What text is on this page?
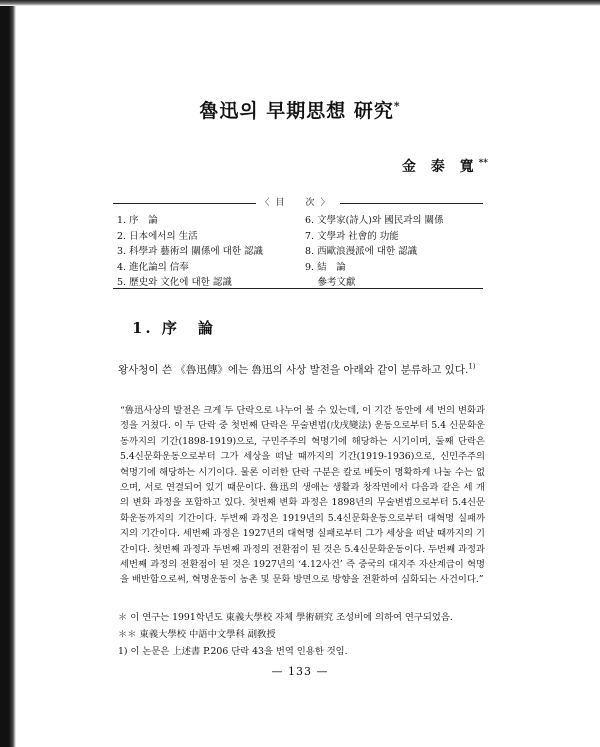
魯迅의 早期思想 研究*
金 泰 寬**
〈目　次〉
1. 序　論
2. 日本에서의 生活
3. 科學과 藝術의 關係에 대한 認識
4. 進化論의 信奉
5. 歷史와 文化에 대한 認識
6. 文學家(詩人)와 國民과의 關係
7. 文學과 社會的 功能
8. 西歐浪漫派에 대한 認識
9. 結　論
　 參考文獻
1. 序　論
왕사청이 쓴 《魯迅傳》에는 魯迅의 사상 발전을 아래와 같이 분류하고 있다.$^{1)}$
“魯迅사상의 발전은 크게 두 단락으로 나누어 볼 수 있는데, 이 기간 동안에 세 번의 변화과정을 거쳤다. 이 두 단락 중 첫번째 단락은 무술변법(戊戌變法) 운동으로부터 5.4 신문화운동까지의 기간(1898-1919)으로, 구민주주의 혁명기에 해당하는 시기이며, 둘째 단락은 5.4신문화운동으로부터 그가 세상을 떠날 때까지의 기간(1919-1936)으로, 신민주주의 혁명기에 해당하는 시기이다. 물론 이러한 단락 구분은 칼로 베듯이 명확하게 나눌 수는 없으며, 서로 연결되어 있기 때문이다. 魯迅의 생애는 생활과 창작면에서 다음과 같은 세 개의 변화 과정을 포함하고 있다. 첫번째 변화 과정은 1898년의 무술변법으로부터 5.4신문화운동까지의 기간이다. 두번째 과정은 1919년의 5.4신문화운동으로부터 대혁명 실패까지의 기간이다. 세번째 과정은 1927년의 대혁명 실패로부터 그가 세상을 떠날 때까지의 기간이다. 첫번째 과정과 두번째 과정의 전환점이 된 것은 5.4신문화운동이다. 두번째 과정과 세번째 과정의 전환점이 된 것은 1927년의 ‘4.12사건’ 즉 중국의 대지주 자산계급이 혁명을 배반함으로써, 혁명운동이 농촌 및 문화 방면으로 방향을 전환하여 심화되는 사건이다.”
＊ 이 연구는 1991학년도 東義大學校 자체 學術研究 조성비에 의하여 연구되었음.
＊＊ 東義大學校 中語中文學科 副敎授
1) 이 논문은 上述書 P.206 단락 43을 번역 인용한 것임.
— 133 —
